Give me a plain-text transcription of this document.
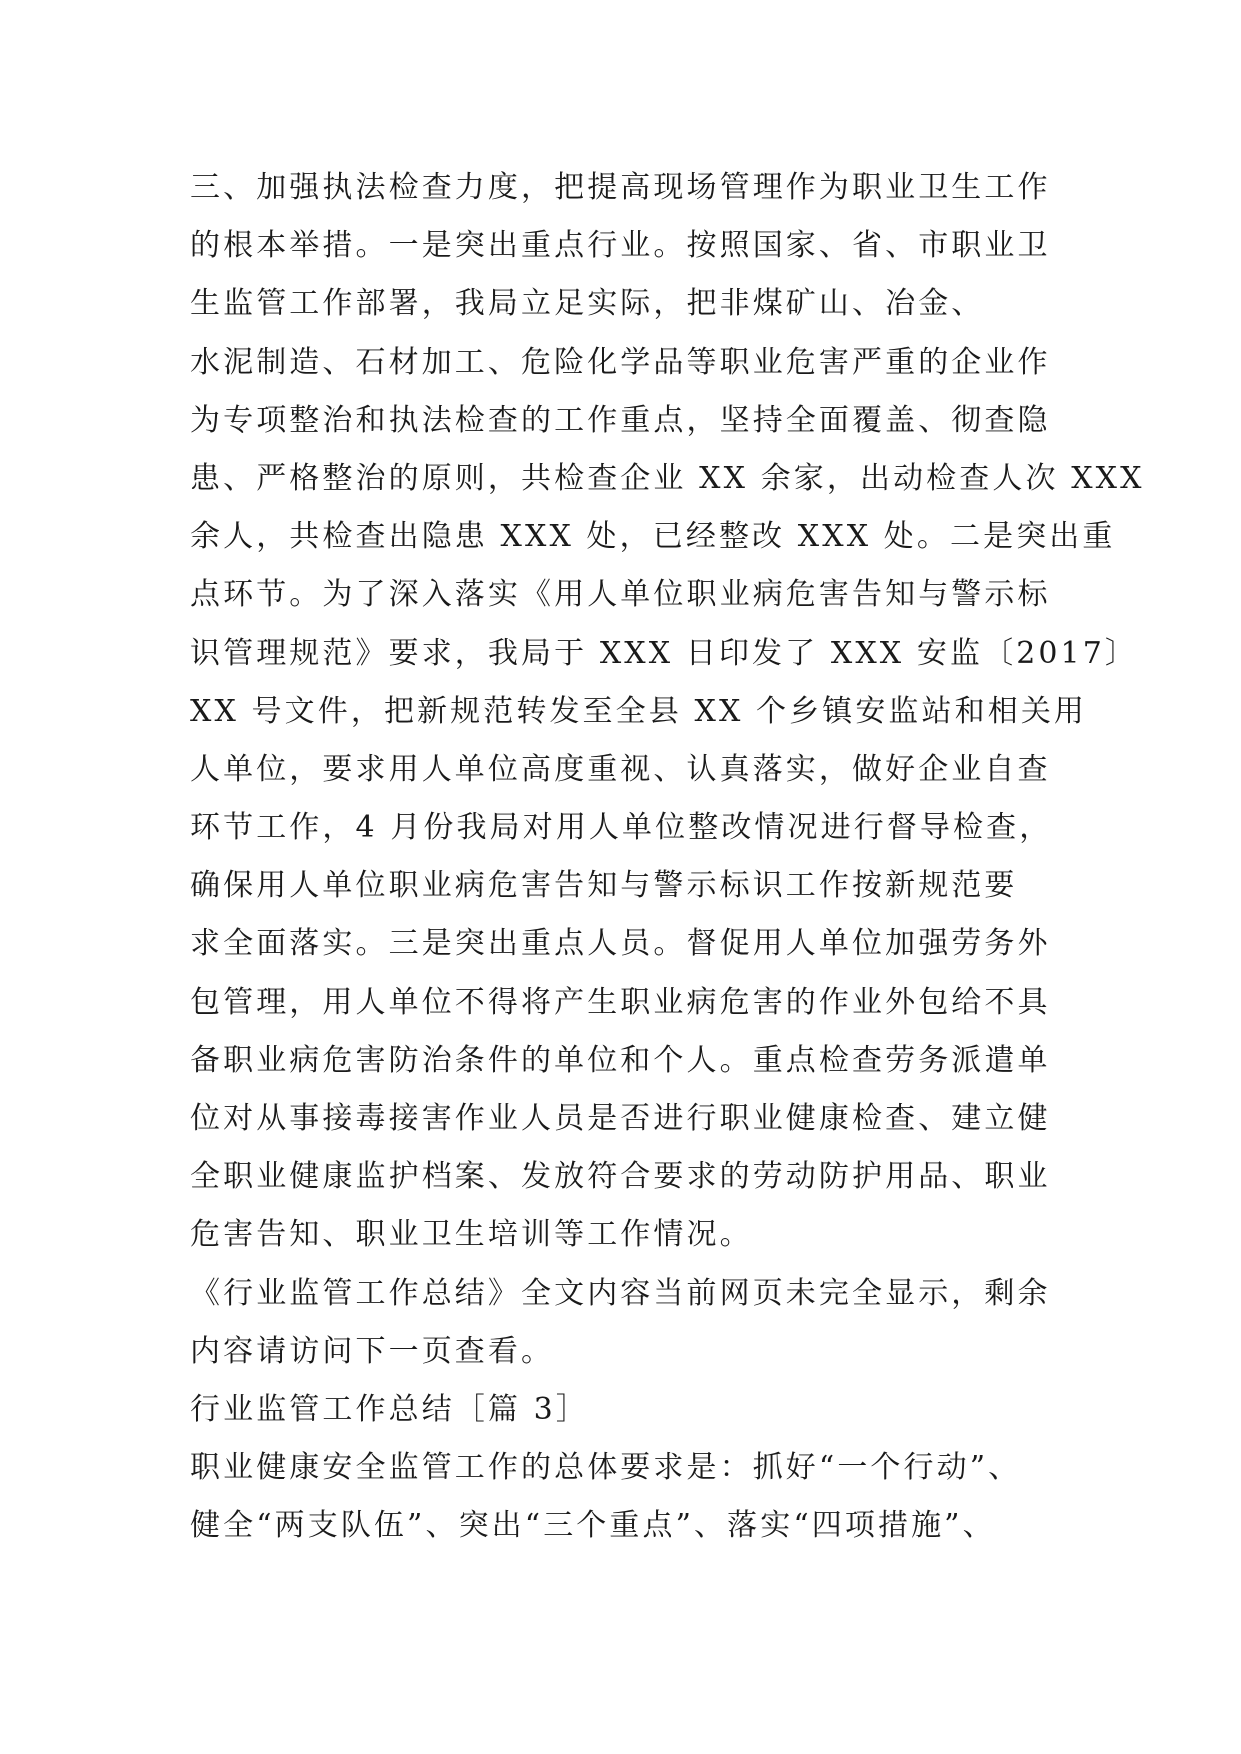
三、加强执法检查力度，把提高现场管理作为职业卫生工作
的根本举措。一是突出重点行业。按照国家、省、市职业卫
生监管工作部署，我局立足实际，把非煤矿山、冶金、
水泥制造、石材加工、危险化学品等职业危害严重的企业作
为专项整治和执法检查的工作重点，坚持全面覆盖、彻查隐
患、严格整治的原则，共检查企业 XX 余家，出动检查人次 XXX
余人，共检查出隐患 XXX 处，已经整改 XXX 处。二是突出重
点环节。为了深入落实《用人单位职业病危害告知与警示标
识管理规范》要求，我局于 XXX 日印发了 XXX 安监〔2017〕
XX 号文件，把新规范转发至全县 XX 个乡镇安监站和相关用
人单位，要求用人单位高度重视、认真落实，做好企业自查
环节工作，4 月份我局对用人单位整改情况进行督导检查，
确保用人单位职业病危害告知与警示标识工作按新规范要
求全面落实。三是突出重点人员。督促用人单位加强劳务外
包管理，用人单位不得将产生职业病危害的作业外包给不具
备职业病危害防治条件的单位和个人。重点检查劳务派遣单
位对从事接毒接害作业人员是否进行职业健康检查、建立健
全职业健康监护档案、发放符合要求的劳动防护用品、职业
危害告知、职业卫生培训等工作情况。
《行业监管工作总结》全文内容当前网页未完全显示，剩余
内容请访问下一页查看。
行业监管工作总结［篇 3］
职业健康安全监管工作的总体要求是：抓好“一个行动”、
健全“两支队伍”、突出“三个重点”、落实“四项措施”、
